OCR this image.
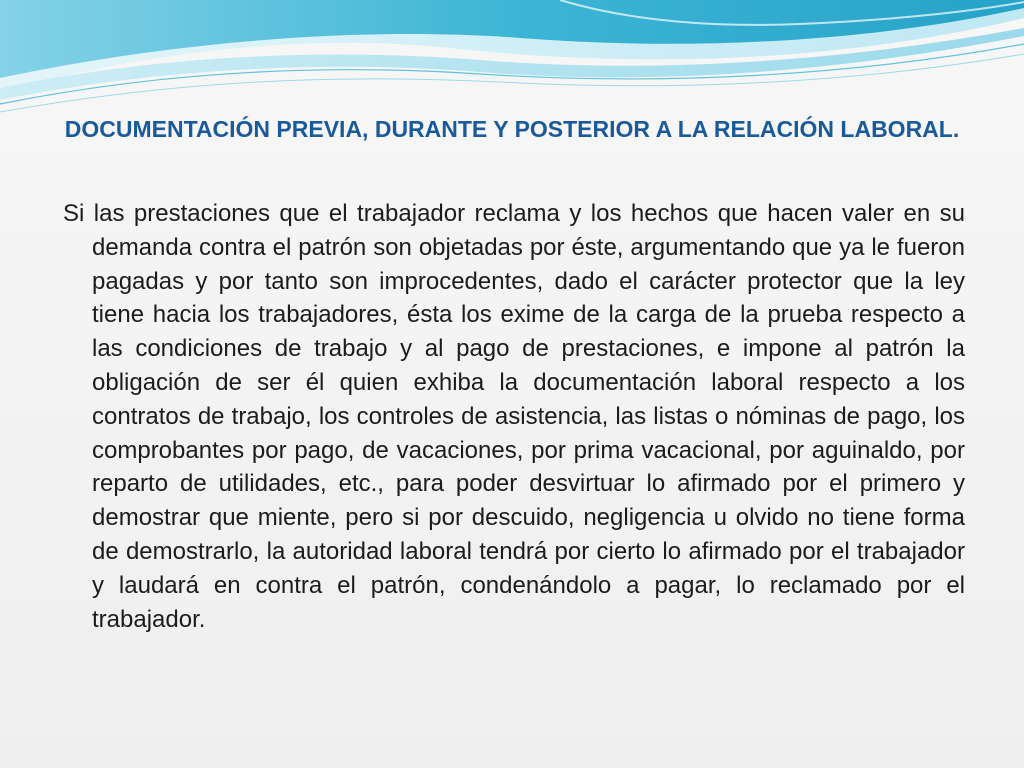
DOCUMENTACIÓN PREVIA, DURANTE Y POSTERIOR A LA RELACIÓN LABORAL.

Si las prestaciones que el trabajador reclama y los hechos que hacen valer en su demanda contra el patrón son objetadas por éste, argumentando que ya le fueron pagadas y por tanto son improcedentes, dado el carácter protector que la ley tiene hacia los trabajadores, ésta los exime de la carga de la prueba respecto a las condiciones de trabajo y al pago de prestaciones, e impone al patrón la obligación de ser él quien exhiba la documentación laboral respecto a los contratos de trabajo, los controles de asistencia, las listas o nóminas de pago, los comprobantes por pago, de vacaciones, por prima vacacional, por aguinaldo, por reparto de utilidades, etc., para poder desvirtuar lo afirmado por el primero y demostrar que miente, pero si por descuido, negligencia u olvido no tiene forma de demostrarlo, la autoridad laboral tendrá por cierto lo afirmado por el trabajador y laudará en contra el patrón, condenándolo a pagar, lo reclamado por el trabajador.
